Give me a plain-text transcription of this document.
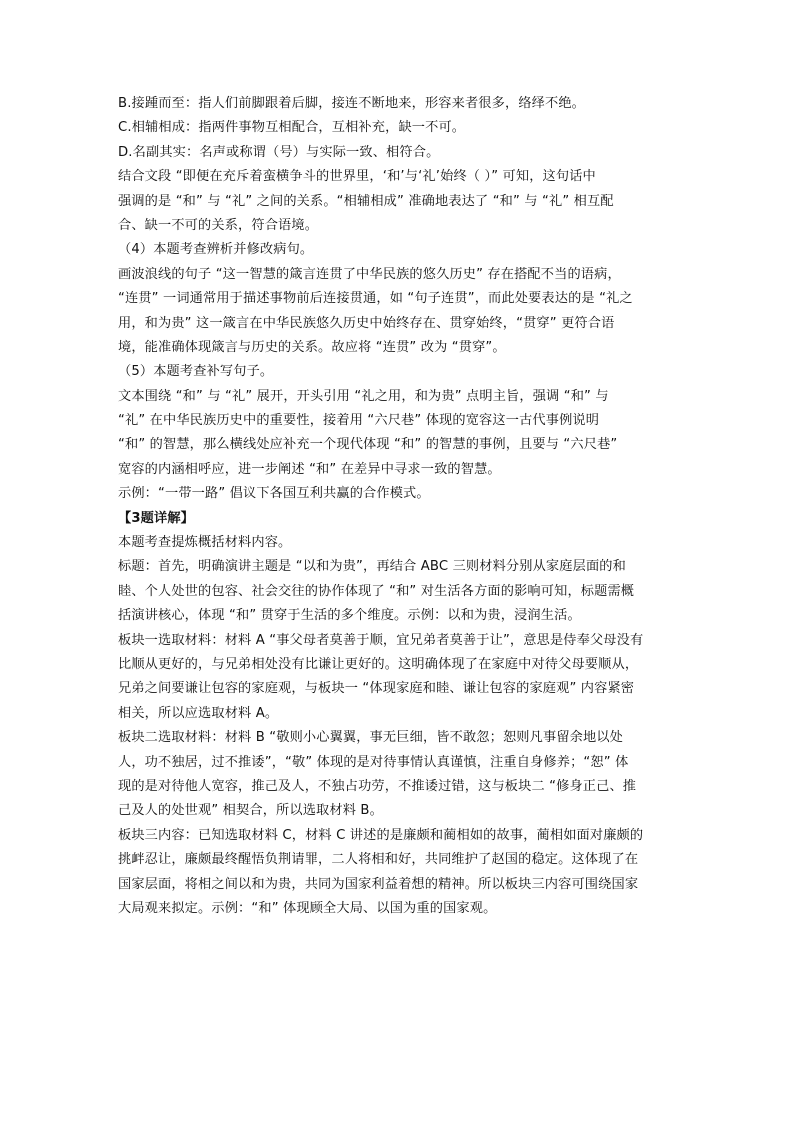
B.接踵而至：指人们前脚跟着后脚，接连不断地来，形容来者很多，络绎不绝。
C.相辅相成：指两件事物互相配合，互相补充，缺一不可。
D.名副其实：名声或称谓（号）与实际一致、相符合。
结合文段 “即便在充斥着蛮横争斗的世界里，‘和’与‘礼’始终（ ）” 可知，这句话中
强调的是 “和” 与 “礼” 之间的关系。“相辅相成” 准确地表达了 “和” 与 “礼” 相互配
合、缺一不可的关系，符合语境。
（4）本题考查辨析并修改病句。
画波浪线的句子 “这一智慧的箴言连贯了中华民族的悠久历史” 存在搭配不当的语病，
“连贯” 一词通常用于描述事物前后连接贯通，如 “句子连贯”，而此处要表达的是 “礼之
用，和为贵” 这一箴言在中华民族悠久历史中始终存在、贯穿始终，“贯穿” 更符合语
境，能准确体现箴言与历史的关系。故应将 “连贯” 改为 “贯穿”。
（5）本题考查补写句子。
文本围绕 “和” 与 “礼” 展开，开头引用 “礼之用，和为贵” 点明主旨，强调 “和” 与
“礼” 在中华民族历史中的重要性，接着用 “六尺巷” 体现的宽容这一古代事例说明
“和” 的智慧，那么横线处应补充一个现代体现 “和” 的智慧的事例，且要与 “六尺巷”
宽容的内涵相呼应，进一步阐述 “和” 在差异中寻求一致的智慧。
示例：“一带一路” 倡议下各国互利共赢的合作模式。
【3题详解】
本题考查提炼概括材料内容。
标题：首先，明确演讲主题是 “以和为贵”，再结合 ABC 三则材料分别从家庭层面的和
睦、个人处世的包容、社会交往的协作体现了 “和” 对生活各方面的影响可知，标题需概
括演讲核心，体现 “和” 贯穿于生活的多个维度。示例：以和为贵，浸润生活。
板块一选取材料：材料 A “事父母者莫善于顺，宜兄弟者莫善于让”，意思是侍奉父母没有
比顺从更好的，与兄弟相处没有比谦让更好的。这明确体现了在家庭中对待父母要顺从，
兄弟之间要谦让包容的家庭观，与板块一 “体现家庭和睦、谦让包容的家庭观” 内容紧密
相关，所以应选取材料 A。
板块二选取材料：材料 B “敬则小心翼翼，事无巨细，皆不敢忽；恕则凡事留余地以处
人，功不独居，过不推诿”，“敬” 体现的是对待事情认真谨慎，注重自身修养；“恕” 体
现的是对待他人宽容，推己及人，不独占功劳，不推诿过错，这与板块二 “修身正己、推
己及人的处世观” 相契合，所以选取材料 B。
板块三内容：已知选取材料 C，材料 C 讲述的是廉颇和蔺相如的故事，蔺相如面对廉颇的
挑衅忍让，廉颇最终醒悟负荆请罪，二人将相和好，共同维护了赵国的稳定。这体现了在
国家层面，将相之间以和为贵，共同为国家利益着想的精神。所以板块三内容可围绕国家
大局观来拟定。示例：“和” 体现顾全大局、以国为重的国家观。
